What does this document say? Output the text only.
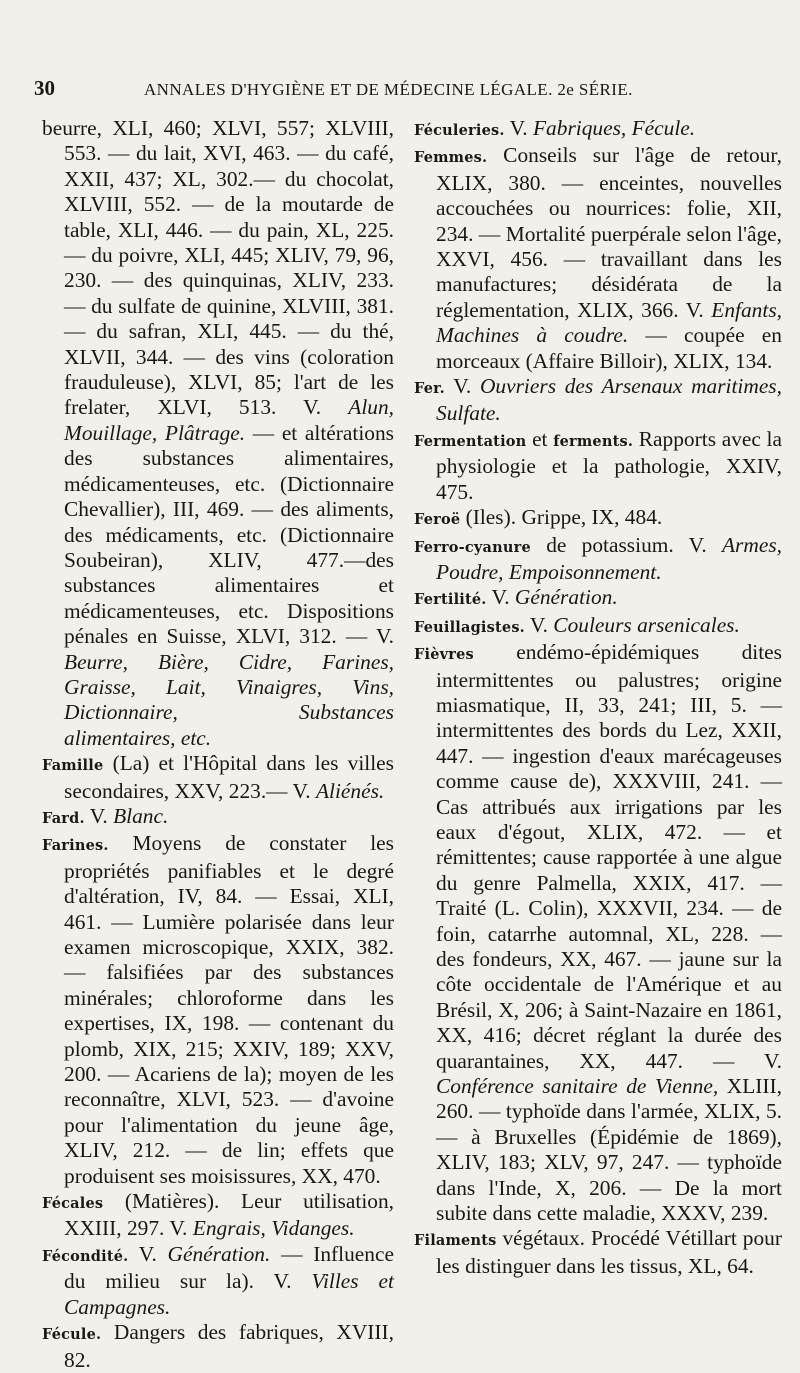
30	ANNALES D'HYGIÈNE ET DE MÉDECINE LÉGALE. 2e SÉRIE.

beurre, XLI, 460; XLVI, 557; XLVIII, 553. — du lait, XVI, 463. — du café, XXII, 437; XL, 302.— du chocolat, XLVIII, 552. — de la moutarde de table, XLI, 446. — du pain, XL, 225. — du poivre, XLI, 445; XLIV, 79, 96, 230. — des quinquinas, XLIV, 233. — du sulfate de quinine, XLVIII, 381. — du safran, XLI, 445. — du thé, XLVII, 344. — des vins (coloration frauduleuse), XLVI, 85; l'art de les frelater, XLVI, 513. V. Alun, Mouillage, Plâtrage. — et altérations des substances alimentaires, médicamenteuses, etc. (Dictionnaire Chevallier), III, 469. — des aliments, des médicaments, etc. (Dictionnaire Soubeiran), XLIV, 477.—des substances alimentaires et médicamenteuses, etc. Dispositions pénales en Suisse, XLVI, 312. — V. Beurre, Bière, Cidre, Farines, Graisse, Lait, Vinaigres, Vins, Dictionnaire, Substances alimentaires, etc.

Famille (La) et l'Hôpital dans les villes secondaires, XXV, 223.— V. Aliénés.

Fard. V. Blanc.

Farines. Moyens de constater les propriétés panifiables et le degré d'altération, IV, 84. — Essai, XLI, 461. — Lumière polarisée dans leur examen microscopique, XXIX, 382. — falsifiées par des substances minérales; chloroforme dans les expertises, IX, 198. — contenant du plomb, XIX, 215; XXIV, 189; XXV, 200. — Acariens de la); moyen de les reconnaître, XLVI, 523. — d'avoine pour l'alimentation du jeune âge, XLIV, 212. — de lin; effets que produisent ses moisissures, XX, 470.

Fécales (Matières). Leur utilisation, XXIII, 297. V. Engrais, Vidanges.

Fécondité. V. Génération. — Influence du milieu sur la). V. Villes et Campagnes.

Fécule. Dangers des fabriques, XVIII, 82.

Féculeries. V. Fabriques, Fécule.

Femmes. Conseils sur l'âge de retour, XLIX, 380. — enceintes, nouvelles accouchées ou nourrices: folie, XII, 234. — Mortalité puerpérale selon l'âge, XXVI, 456. — travaillant dans les manufactures; désidérata de la réglementation, XLIX, 366. V. Enfants, Machines à coudre. — coupée en morceaux (Affaire Billoir), XLIX, 134.

Fer. V. Ouvriers des Arsenaux maritimes, Sulfate.

Fermentation et ferments. Rapports avec la physiologie et la pathologie, XXIV, 475.

Feroë (Iles). Grippe, IX, 484.

Ferro-cyanure de potassium. V. Armes, Poudre, Empoisonnement.

Fertilité. V. Génération.

Feuillagistes. V. Couleurs arsenicales.

Fièvres endémo-épidémiques dites intermittentes ou palustres; origine miasmatique, II, 33, 241; III, 5. — intermittentes des bords du Lez, XXII, 447. — ingestion d'eaux marécageuses comme cause de), XXXVIII, 241. — Cas attribués aux irrigations par les eaux d'égout, XLIX, 472. — et rémittentes; cause rapportée à une algue du genre Palmella, XXIX, 417. — Traité (L. Colin), XXXVII, 234. — de foin, catarrhe automnal, XL, 228. — des fondeurs, XX, 467. — jaune sur la côte occidentale de l'Amérique et au Brésil, X, 206; à Saint-Nazaire en 1861, XX, 416; décret réglant la durée des quarantaines, XX, 447. — V. Conférence sanitaire de Vienne, XLIII, 260. — typhoïde dans l'armée, XLIX, 5. — à Bruxelles (Épidémie de 1869), XLIV, 183; XLV, 97, 247. — typhoïde dans l'Inde, X, 206. — De la mort subite dans cette maladie, XXXV, 239.

Filaments végétaux. Procédé Vétillart pour les distinguer dans les tissus, XL, 64.
